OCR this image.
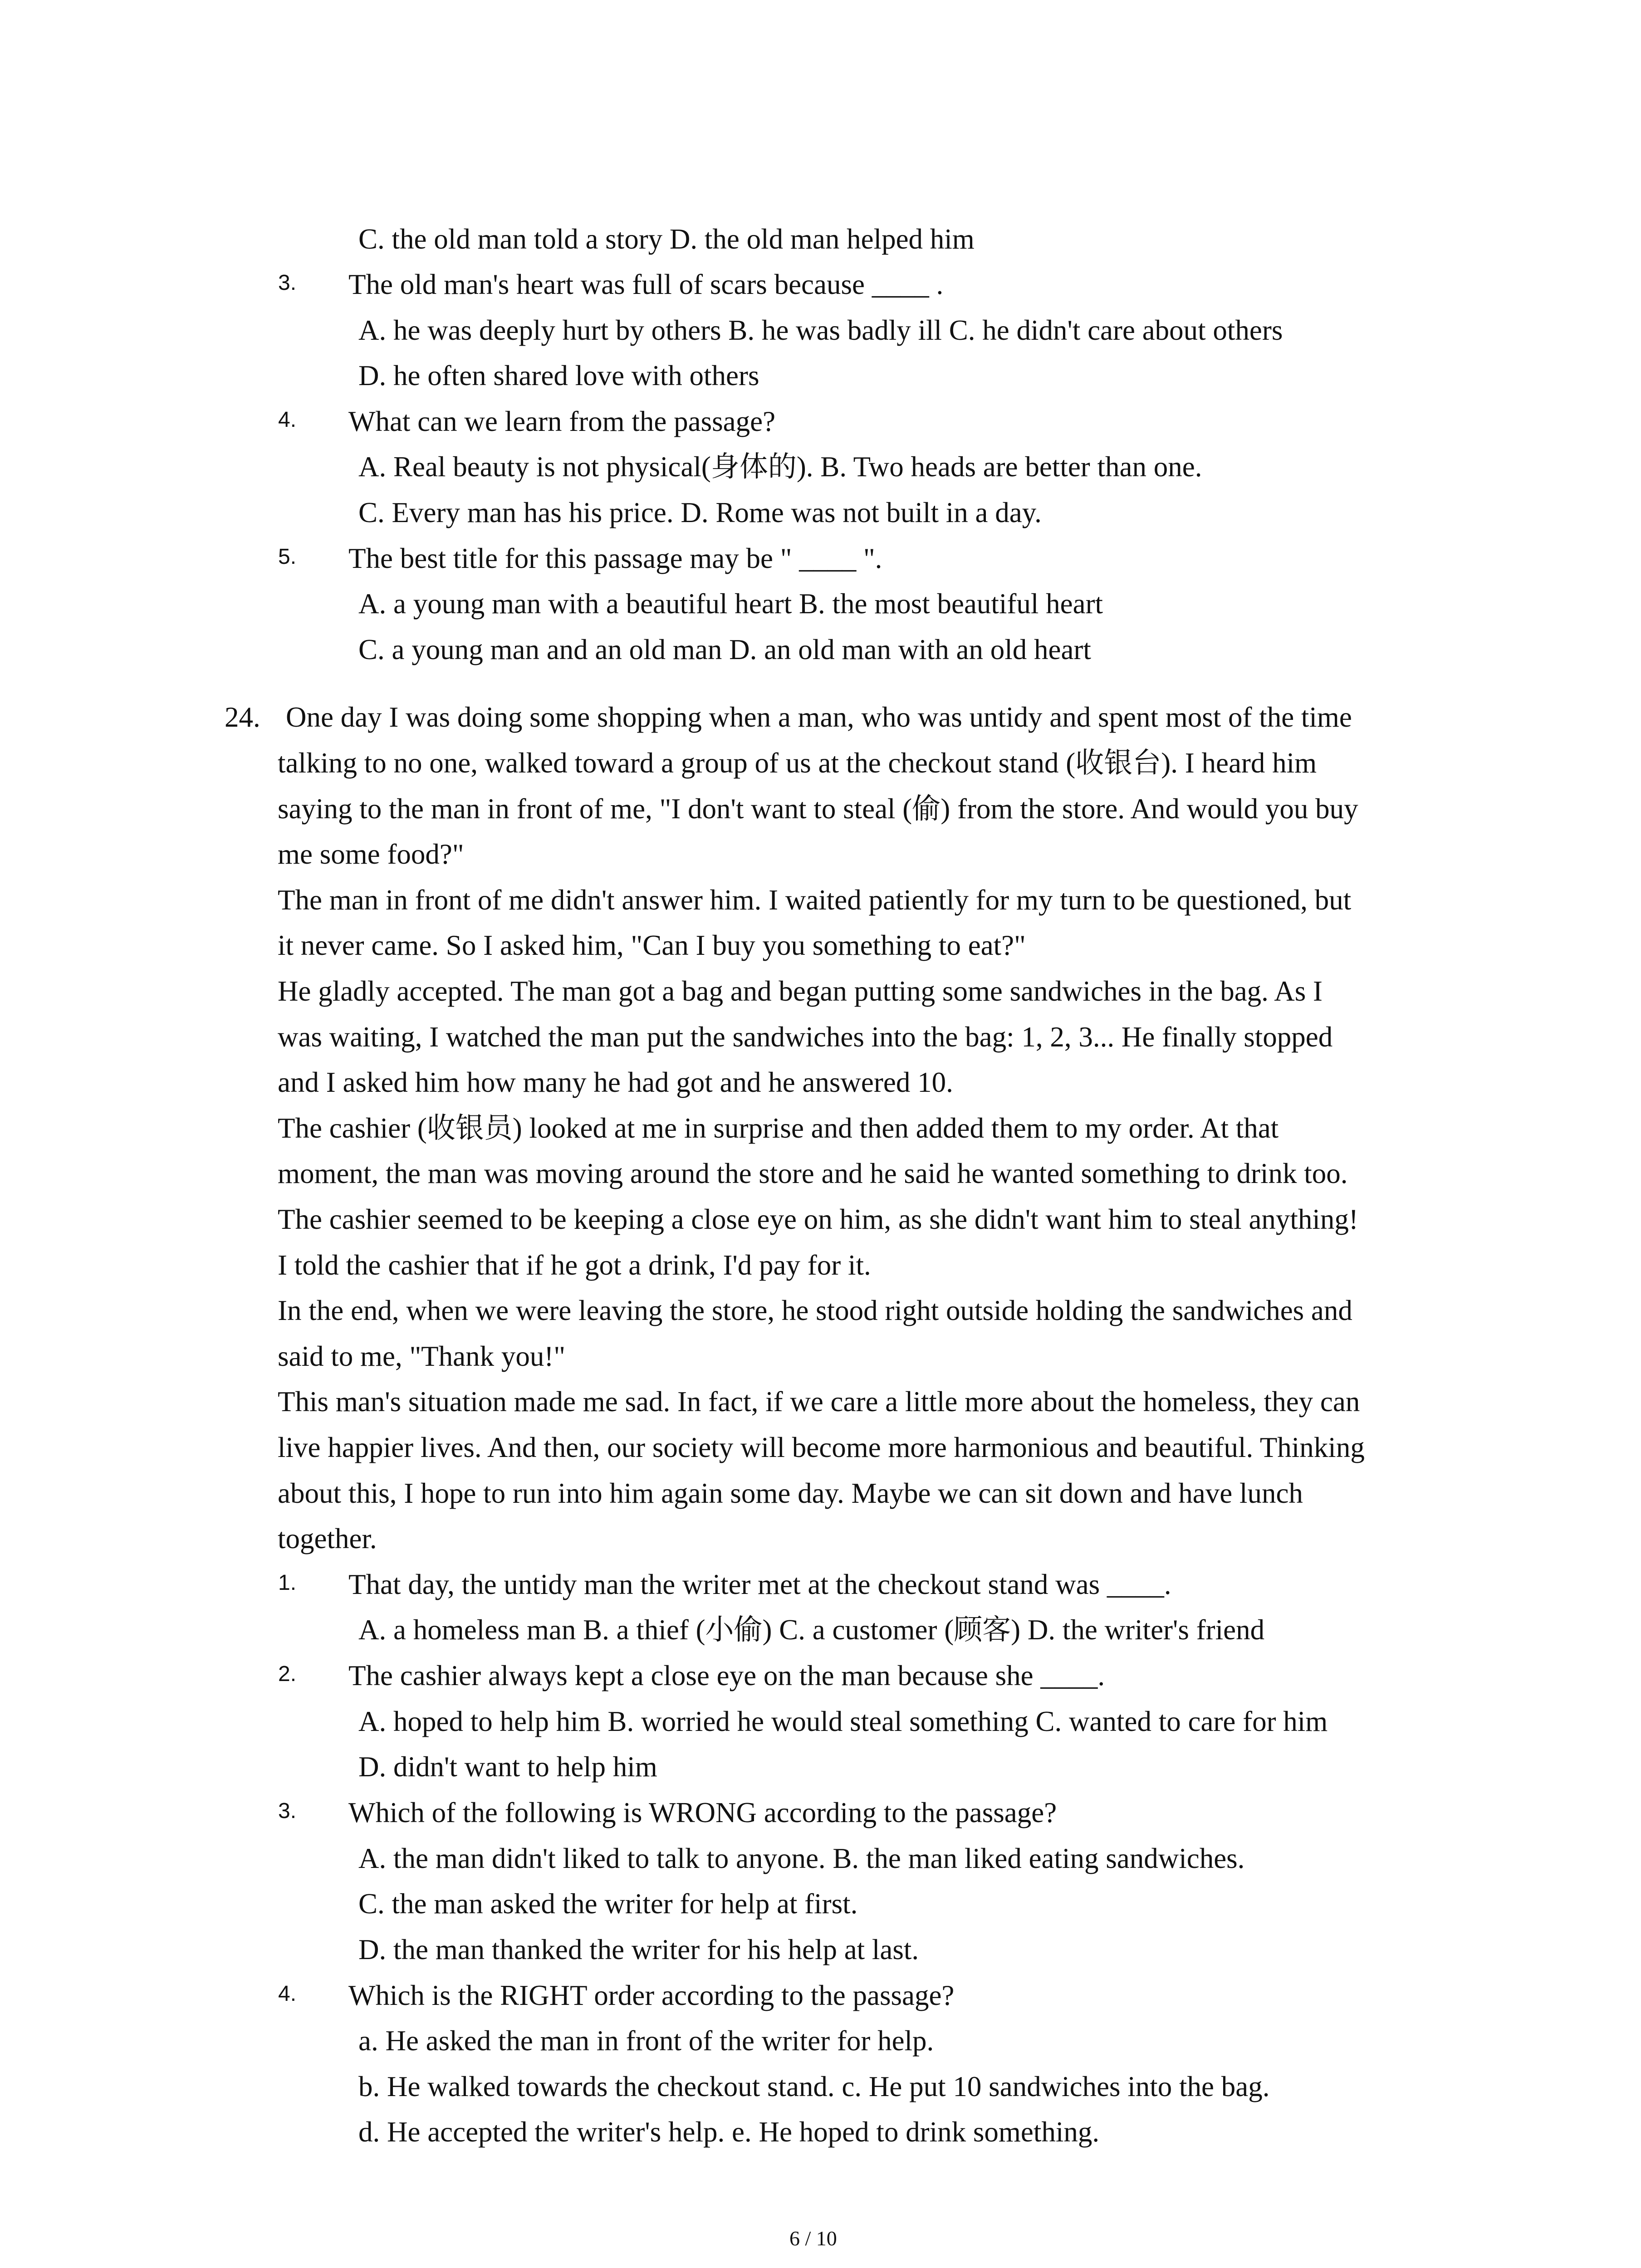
C. the old man told a story D. the old man helped him
3. The old man's heart was full of scars because ____ .
A. he was deeply hurt by others B. he was badly ill C. he didn't care about others
D. he often shared love with others
4. What can we learn from the passage?
A. Real beauty is not physical(身体的). B. Two heads are better than one.
C. Every man has his price. D. Rome was not built in a day.
5. The best title for this passage may be " ____ ".
A. a young man with a beautiful heart B. the most beautiful heart
C. a young man and an old man D. an old man with an old heart
24. One day I was doing some shopping when a man, who was untidy and spent most of the time
talking to no one, walked toward a group of us at the checkout stand (收银台). I heard him
saying to the man in front of me, "I don't want to steal (偷) from the store. And would you buy
me some food?"
The man in front of me didn't answer him. I waited patiently for my turn to be questioned, but
it never came. So I asked him, "Can I buy you something to eat?"
He gladly accepted. The man got a bag and began putting some sandwiches in the bag. As I
was waiting, I watched the man put the sandwiches into the bag: 1, 2, 3... He finally stopped
and I asked him how many he had got and he answered 10.
The cashier (收银员) looked at me in surprise and then added them to my order. At that
moment, the man was moving around the store and he said he wanted something to drink too.
The cashier seemed to be keeping a close eye on him, as she didn't want him to steal anything!
I told the cashier that if he got a drink, I'd pay for it.
In the end, when we were leaving the store, he stood right outside holding the sandwiches and
said to me, "Thank you!"
This man's situation made me sad. In fact, if we care a little more about the homeless, they can
live happier lives. And then, our society will become more harmonious and beautiful. Thinking
about this, I hope to run into him again some day. Maybe we can sit down and have lunch
together.
1. That day, the untidy man the writer met at the checkout stand was ____.
A. a homeless man B. a thief (小偷) C. a customer (顾客) D. the writer's friend
2. The cashier always kept a close eye on the man because she ____.
A. hoped to help him B. worried he would steal something C. wanted to care for him
D. didn't want to help him
3. Which of the following is WRONG according to the passage?
A. the man didn't liked to talk to anyone. B. the man liked eating sandwiches.
C. the man asked the writer for help at first.
D. the man thanked the writer for his help at last.
4. Which is the RIGHT order according to the passage?
a. He asked the man in front of the writer for help.
b. He walked towards the checkout stand. c. He put 10 sandwiches into the bag.
d. He accepted the writer's help. e. He hoped to drink something.
6 / 10
